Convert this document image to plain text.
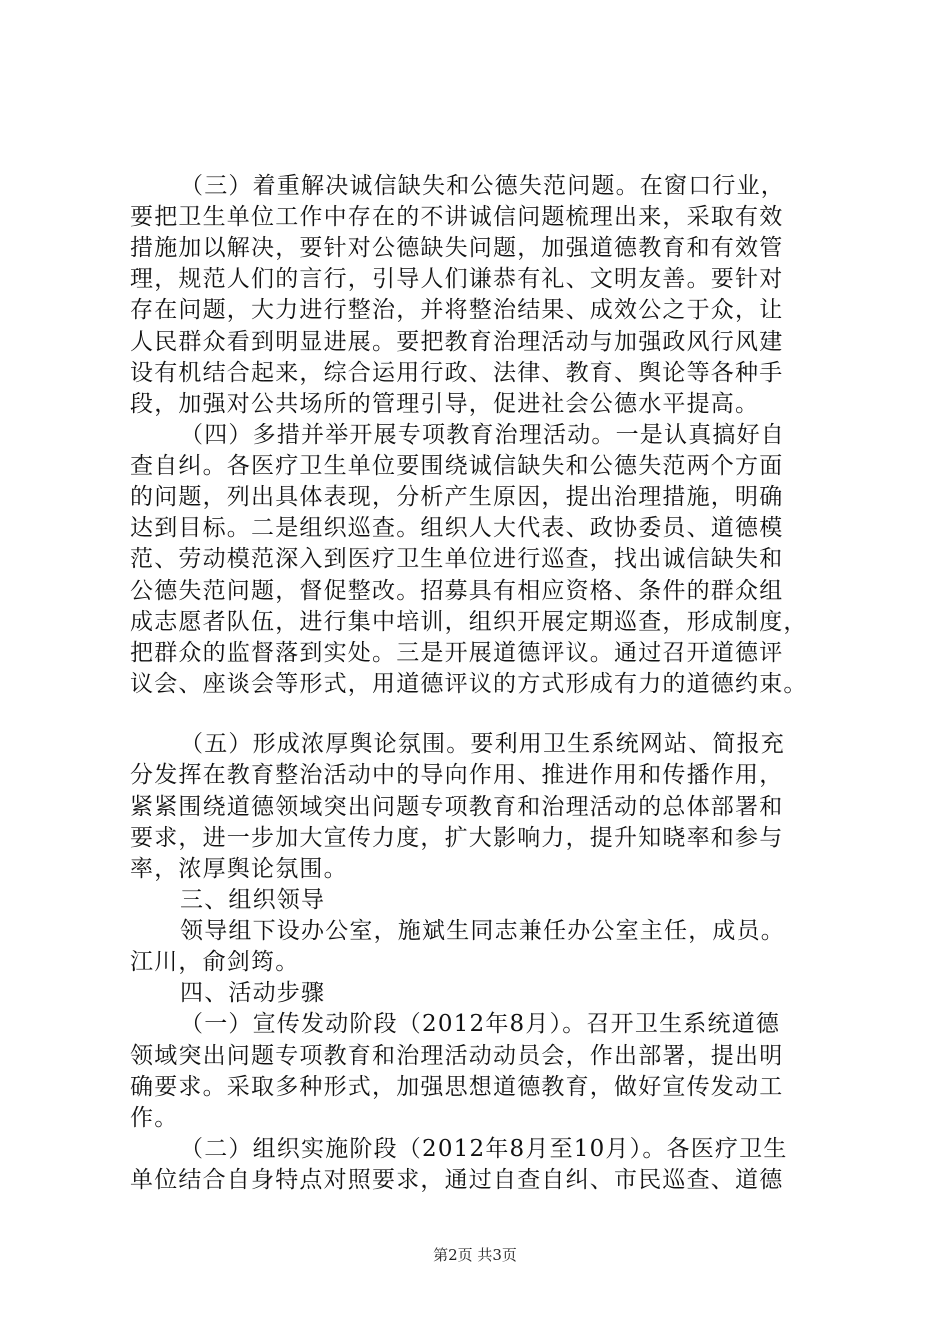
（三）着重解决诚信缺失和公德失范问题。在窗口行业，
要把卫生单位工作中存在的不讲诚信问题梳理出来，采取有效
措施加以解决，要针对公德缺失问题，加强道德教育和有效管
理，规范人们的言行，引导人们谦恭有礼、文明友善。要针对
存在问题，大力进行整治，并将整治结果、成效公之于众，让
人民群众看到明显进展。要把教育治理活动与加强政风行风建
设有机结合起来，综合运用行政、法律、教育、舆论等各种手
段，加强对公共场所的管理引导，促进社会公德水平提高。
（四）多措并举开展专项教育治理活动。一是认真搞好自
查自纠。各医疗卫生单位要围绕诚信缺失和公德失范两个方面
的问题，列出具体表现，分析产生原因，提出治理措施，明确
达到目标。二是组织巡查。组织人大代表、政协委员、道德模
范、劳动模范深入到医疗卫生单位进行巡查，找出诚信缺失和
公德失范问题，督促整改。招募具有相应资格、条件的群众组
成志愿者队伍，进行集中培训，组织开展定期巡查，形成制度，
把群众的监督落到实处。三是开展道德评议。通过召开道德评
议会、座谈会等形式，用道德评议的方式形成有力的道德约束。
（五）形成浓厚舆论氛围。要利用卫生系统网站、简报充
分发挥在教育整治活动中的导向作用、推进作用和传播作用，
紧紧围绕道德领域突出问题专项教育和治理活动的总体部署和
要求，进一步加大宣传力度，扩大影响力，提升知晓率和参与
率，浓厚舆论氛围。
三、组织领导
领导组下设办公室，施斌生同志兼任办公室主任，成员。
江川，俞剑筠。
四、活动步骤
（一）宣传发动阶段（2012年8月）。召开卫生系统道德
领域突出问题专项教育和治理活动动员会，作出部署，提出明
确要求。采取多种形式，加强思想道德教育，做好宣传发动工
作。
（二）组织实施阶段（2012年8月至10月）。各医疗卫生
单位结合自身特点对照要求，通过自查自纠、市民巡查、道德
第2页 共3页
